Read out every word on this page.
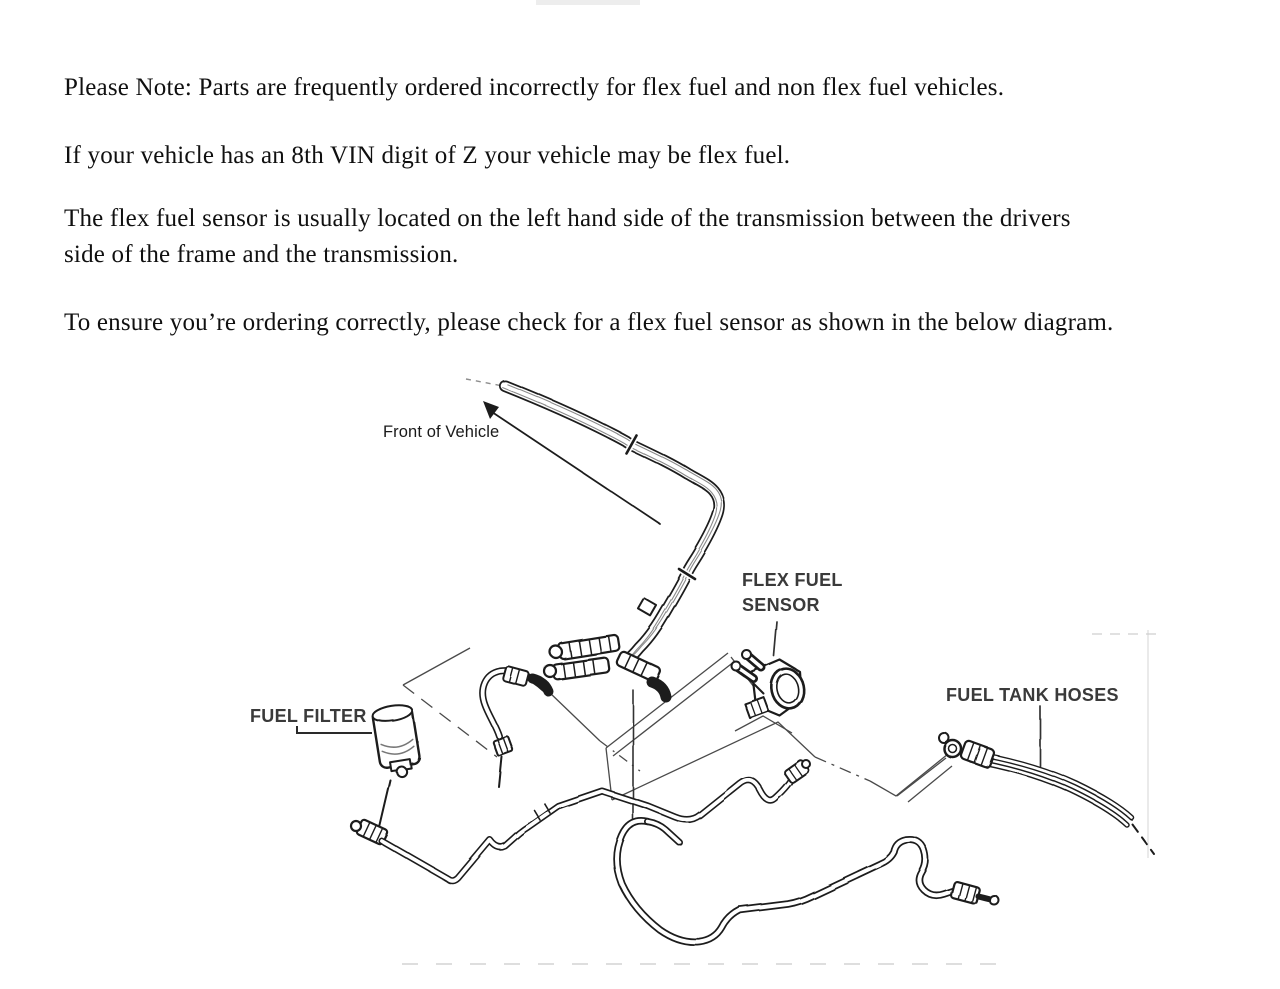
Please Note: Parts are frequently ordered incorrectly for flex fuel and non flex fuel vehicles.
If your vehicle has an 8th VIN digit of Z your vehicle may be flex fuel.
The flex fuel sensor is usually located on the left hand side of the transmission between the drivers
side of the frame and the transmission.
To ensure you’re ordering correctly, please check for a flex fuel sensor as shown in the below diagram.
Front of Vehicle
FLEX FUEL
SENSOR
FUEL FILTER
FUEL TANK HOSES
